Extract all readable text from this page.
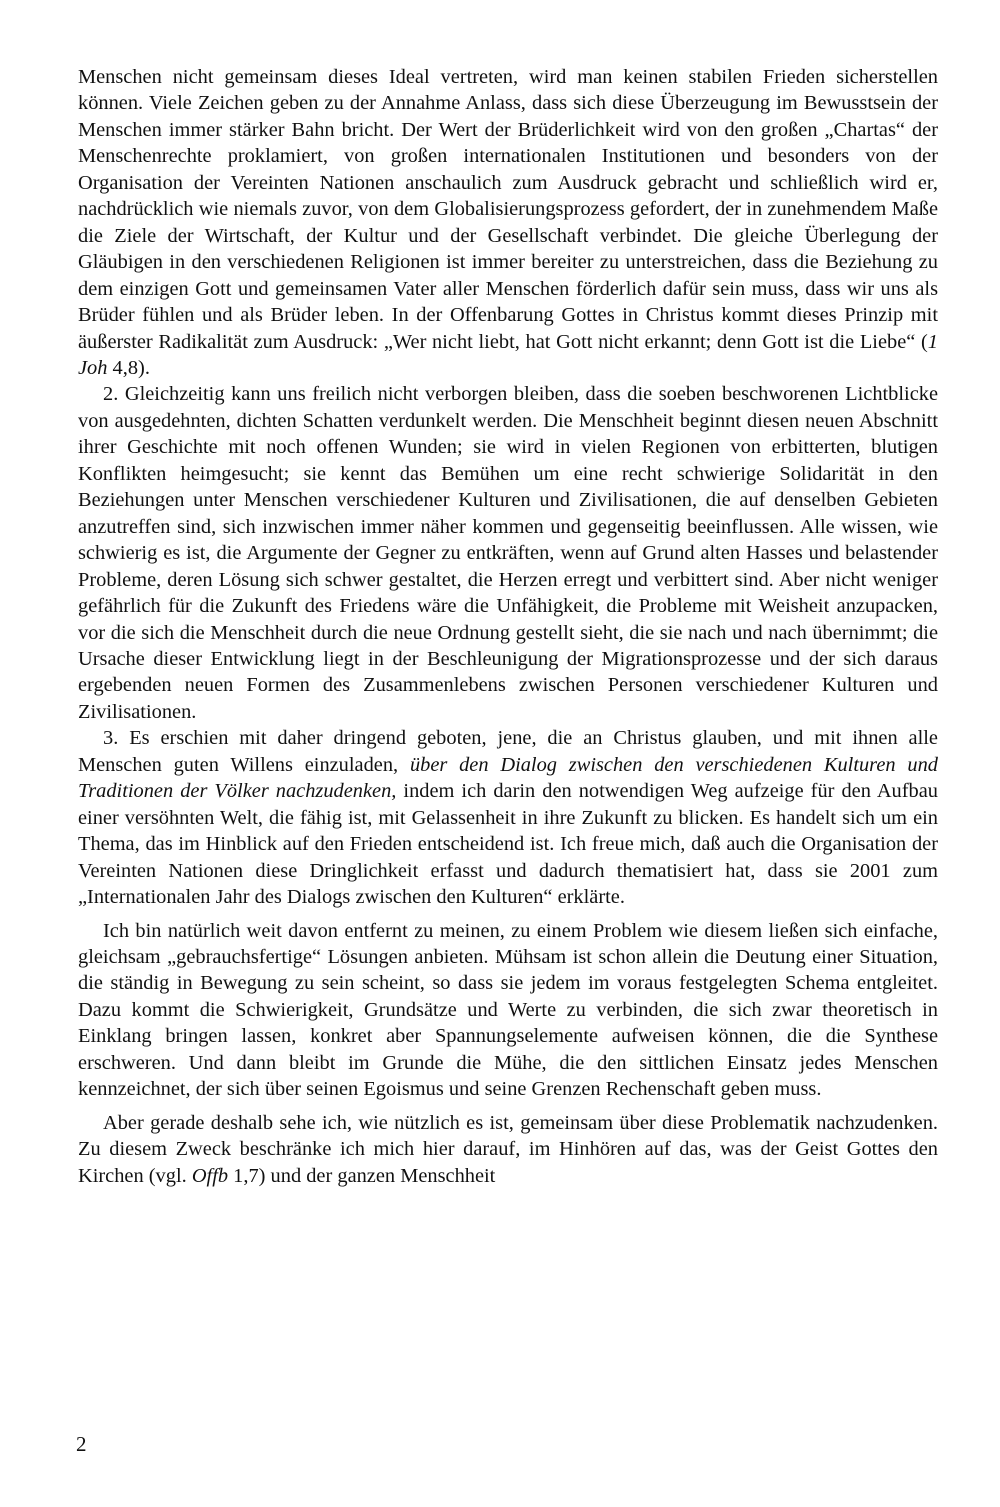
Menschen nicht gemeinsam dieses Ideal vertreten, wird man keinen stabilen Frieden sicherstellen können. Viele Zeichen geben zu der Annahme Anlass, dass sich diese Überzeugung im Bewusstsein der Menschen immer stärker Bahn bricht. Der Wert der Brüderlichkeit wird von den großen „Chartas“ der Menschenrechte proklamiert, von großen internationalen Institutionen und besonders von der Organisation der Vereinten Nationen anschaulich zum Ausdruck gebracht und schließlich wird er, nachdrücklich wie niemals zuvor, von dem Globalisierungsprozess gefordert, der in zunehmendem Maße die Ziele der Wirtschaft, der Kultur und der Gesellschaft verbindet. Die gleiche Überlegung der Gläubigen in den verschiedenen Religionen ist immer bereiter zu unterstreichen, dass die Beziehung zu dem einzigen Gott und gemeinsamen Vater aller Menschen förderlich dafür sein muss, dass wir uns als Brüder fühlen und als Brüder leben. In der Offenbarung Gottes in Christus kommt dieses Prinzip mit äußerster Radikalität zum Ausdruck: „Wer nicht liebt, hat Gott nicht erkannt; denn Gott ist die Liebe“ (1 Joh 4,8).

2. Gleichzeitig kann uns freilich nicht verborgen bleiben, dass die soeben beschworenen Lichtblicke von ausgedehnten, dichten Schatten verdunkelt werden. Die Menschheit beginnt diesen neuen Abschnitt ihrer Geschichte mit noch offenen Wunden; sie wird in vielen Regionen von erbitterten, blutigen Konflikten heimgesucht; sie kennt das Bemühen um eine recht schwierige Solidarität in den Beziehungen unter Menschen verschiedener Kulturen und Zivilisationen, die auf denselben Gebieten anzutreffen sind, sich inzwischen immer näher kommen und gegenseitig beeinflussen. Alle wissen, wie schwierig es ist, die Argumente der Gegner zu entkräften, wenn auf Grund alten Hasses und belastender Probleme, deren Lösung sich schwer gestaltet, die Herzen erregt und verbittert sind. Aber nicht weniger gefährlich für die Zukunft des Friedens wäre die Unfähigkeit, die Probleme mit Weisheit anzupacken, vor die sich die Menschheit durch die neue Ordnung gestellt sieht, die sie nach und nach übernimmt; die Ursache dieser Entwicklung liegt in der Beschleunigung der Migrationsprozesse und der sich daraus ergebenden neuen Formen des Zusammenlebens zwischen Personen verschiedener Kulturen und Zivilisationen.

3. Es erschien mit daher dringend geboten, jene, die an Christus glauben, und mit ihnen alle Menschen guten Willens einzuladen, über den Dialog zwischen den verschiedenen Kulturen und Traditionen der Völker nachzudenken, indem ich darin den notwendigen Weg aufzeige für den Aufbau einer versöhnten Welt, die fähig ist, mit Gelassenheit in ihre Zukunft zu blicken. Es handelt sich um ein Thema, das im Hinblick auf den Frieden entscheidend ist. Ich freue mich, daß auch die Organisation der Vereinten Nationen diese Dringlichkeit erfasst und dadurch thematisiert hat, dass sie 2001 zum „Internationalen Jahr des Dialogs zwischen den Kulturen“ erklärte.

Ich bin natürlich weit davon entfernt zu meinen, zu einem Problem wie diesem ließen sich einfache, gleichsam „gebrauchsfertige“ Lösungen anbieten. Mühsam ist schon allein die Deutung einer Situation, die ständig in Bewegung zu sein scheint, so dass sie jedem im voraus festgelegten Schema entgleitet. Dazu kommt die Schwierigkeit, Grundsätze und Werte zu verbinden, die sich zwar theoretisch in Einklang bringen lassen, konkret aber Spannungselemente aufweisen können, die die Synthese erschweren. Und dann bleibt im Grunde die Mühe, die den sittlichen Einsatz jedes Menschen kennzeichnet, der sich über seinen Egoismus und seine Grenzen Rechenschaft geben muss.

Aber gerade deshalb sehe ich, wie nützlich es ist, gemeinsam über diese Problematik nachzudenken. Zu diesem Zweck beschränke ich mich hier darauf, im Hinhören auf das, was der Geist Gottes den Kirchen (vgl. Offb 1,7) und der ganzen Menschheit

2
